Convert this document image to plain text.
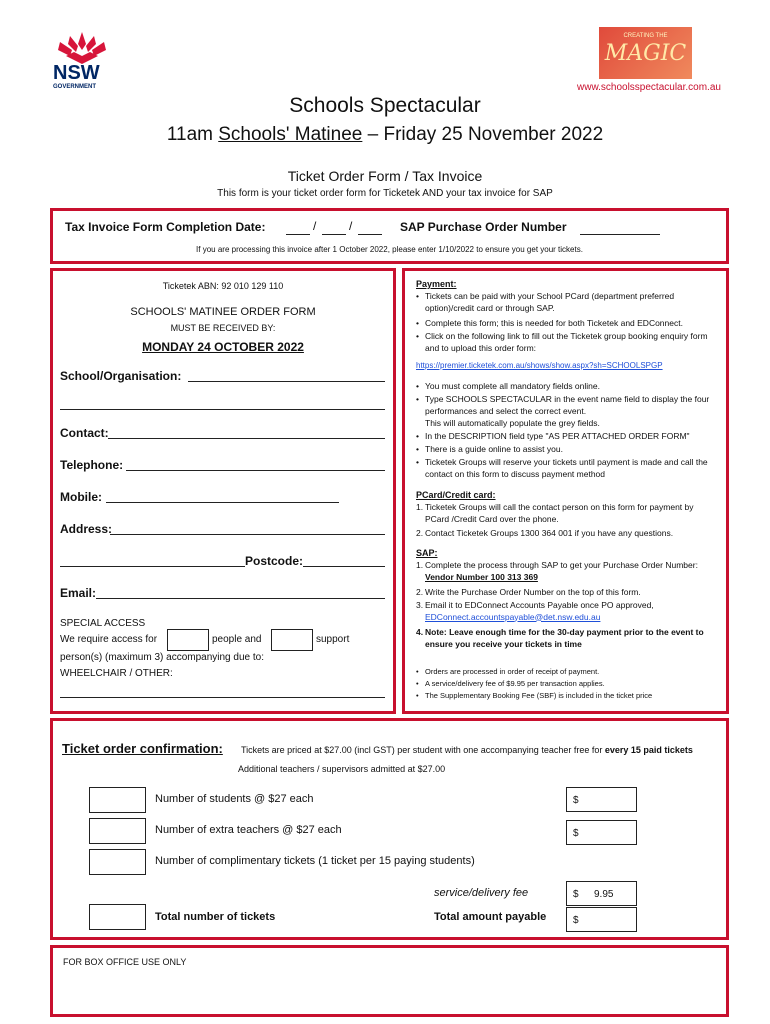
NSW
GOVERNMENT
CREATING THE
MAGIC
www.schoolsspectacular.com.au
Schools Spectacular
11am Schools' Matinee – Friday 25 November 2022
Ticket Order Form / Tax Invoice
This form is your ticket order form for Ticketek AND your tax invoice for SAP
Tax Invoice Form Completion Date:	/	/	SAP Purchase Order Number
If you are processing this invoice after 1 October 2022, please enter 1/10/2022 to ensure you get your tickets.
Ticketek ABN: 92 010 129 110
SCHOOLS' MATINEE ORDER FORM
MUST BE RECEIVED BY:
MONDAY 24 OCTOBER 2022
School/Organisation:
Contact:
Telephone:
Mobile:
Address:
Postcode:
Email:
SPECIAL ACCESS
We require access for	people and	support
person(s) (maximum 3) accompanying due to:
WHEELCHAIR / OTHER:
Payment:
• Tickets can be paid with your School PCard (department preferred option)/credit card or through SAP.
• Complete this form; this is needed for both Ticketek and EDConnect.
• Click on the following link to fill out the Ticketek group booking enquiry form and to upload this order form:
https://premier.ticketek.com.au/shows/show.aspx?sh=SCHOOLSPGP
• You must complete all mandatory fields online.
• Type SCHOOLS SPECTACULAR in the event name field to display the four performances and select the correct event.
This will automatically populate the grey fields.
• In the DESCRIPTION field type "AS PER ATTACHED ORDER FORM"
• There is a guide online to assist you.
• Ticketek Groups will reserve your tickets until payment is made and call the contact on this form to discuss payment method
PCard/Credit card:
1. Ticketek Groups will call the contact person on this form for payment by PCard /Credit Card over the phone.
2. Contact Ticketek Groups 1300 364 001 if you have any questions.
SAP:
1. Complete the process through SAP to get your Purchase Order Number: Vendor Number 100 313 369
2. Write the Purchase Order Number on the top of this form.
3. Email it to EDConnect Accounts Payable once PO approved,
EDConnect.accountspayable@det.nsw.edu.au
4. Note: Leave enough time for the 30-day payment prior to the event to ensure you receive your tickets in time
• Orders are processed in order of receipt of payment.
• A service/delivery fee of $9.95 per transaction applies.
• The Supplementary Booking Fee (SBF) is included in the ticket price
Ticket order confirmation: Tickets are priced at $27.00 (incl GST) per student with one accompanying teacher free for every 15 paid tickets
Additional teachers / supervisors admitted at $27.00
Number of students @ $27 each	$
Number of extra teachers @ $27 each	$
Number of complimentary tickets (1 ticket per 15 paying students)
service/delivery fee	$ 9.95
Total number of tickets	Total amount payable	$
FOR BOX OFFICE USE ONLY
